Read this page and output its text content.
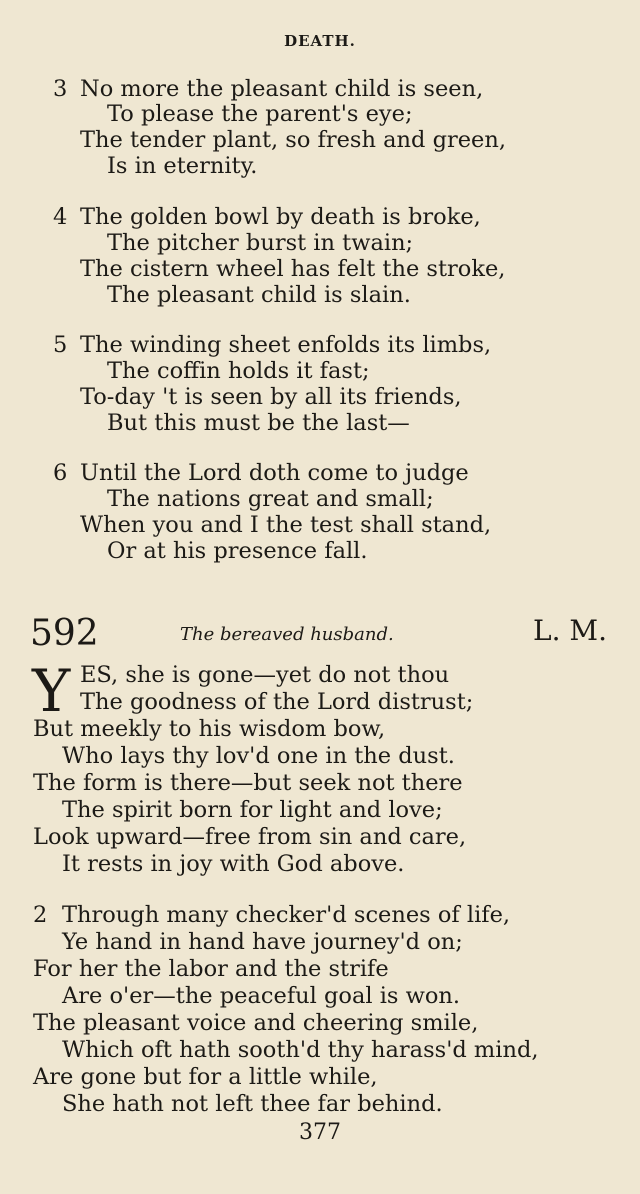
DEATH.
3 No more the pleasant child is seen,
To please the parent's eye;
The tender plant, so fresh and green,
Is in eternity.
4 The golden bowl by death is broke,
The pitcher burst in twain;
The cistern wheel has felt the stroke,
The pleasant child is slain.
5 The winding sheet enfolds its limbs,
The coffin holds it fast;
To-day 't is seen by all its friends,
But this must be the last—
6 Until the Lord doth come to judge
The nations great and small;
When you and I the test shall stand,
Or at his presence fall.
592	The bereaved husband.	L. M.
Y ES, she is gone—yet do not thou
The goodness of the Lord distrust;
But meekly to his wisdom bow,
Who lays thy lov'd one in the dust.
The form is there—but seek not there
The spirit born for light and love;
Look upward—free from sin and care,
It rests in joy with God above.
2 Through many checker'd scenes of life,
Ye hand in hand have journey'd on;
For her the labor and the strife
Are o'er—the peaceful goal is won.
The pleasant voice and cheering smile,
Which oft hath sooth'd thy harass'd mind,
Are gone but for a little while,
She hath not left thee far behind.
377
